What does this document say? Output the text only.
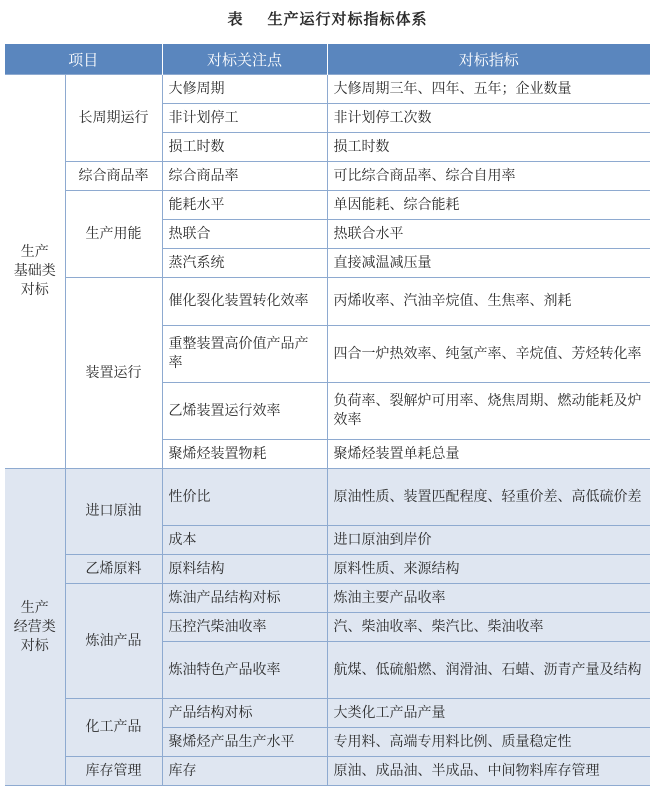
表 生产运行对标指标体系
项目		对标关注点	对标指标
生产
基础类
对标	长周期运行	大修周期	大修周期三年、四年、五年；企业数量
		非计划停工	非计划停工次数
		损工时数	损工时数
	综合商品率	综合商品率	可比综合商品率、综合自用率
	生产用能	能耗水平	单因能耗、综合能耗
		热联合	热联合水平
		蒸汽系统	直接减温减压量
	装置运行	催化裂化装置转化效率	丙烯收率、汽油辛烷值、生焦率、剂耗
		重整装置高价值产品产率	四合一炉热效率、纯氢产率、辛烷值、芳烃转化率
		乙烯装置运行效率	负荷率、裂解炉可用率、烧焦周期、燃动能耗及炉效率
		聚烯烃装置物耗	聚烯烃装置单耗总量
生产
经营类
对标	进口原油	性价比	原油性质、装置匹配程度、轻重价差、高低硫价差
		成本	进口原油到岸价
	乙烯原料	原料结构	原料性质、来源结构
	炼油产品	炼油产品结构对标	炼油主要产品收率
		压控汽柴油收率	汽、柴油收率、柴汽比、柴油收率
		炼油特色产品收率	航煤、低硫船燃、润滑油、石蜡、沥青产量及结构
	化工产品	产品结构对标	大类化工产品产量
		聚烯烃产品生产水平	专用料、高端专用料比例、质量稳定性
	库存管理	库存	原油、成品油、半成品、中间物料库存管理
